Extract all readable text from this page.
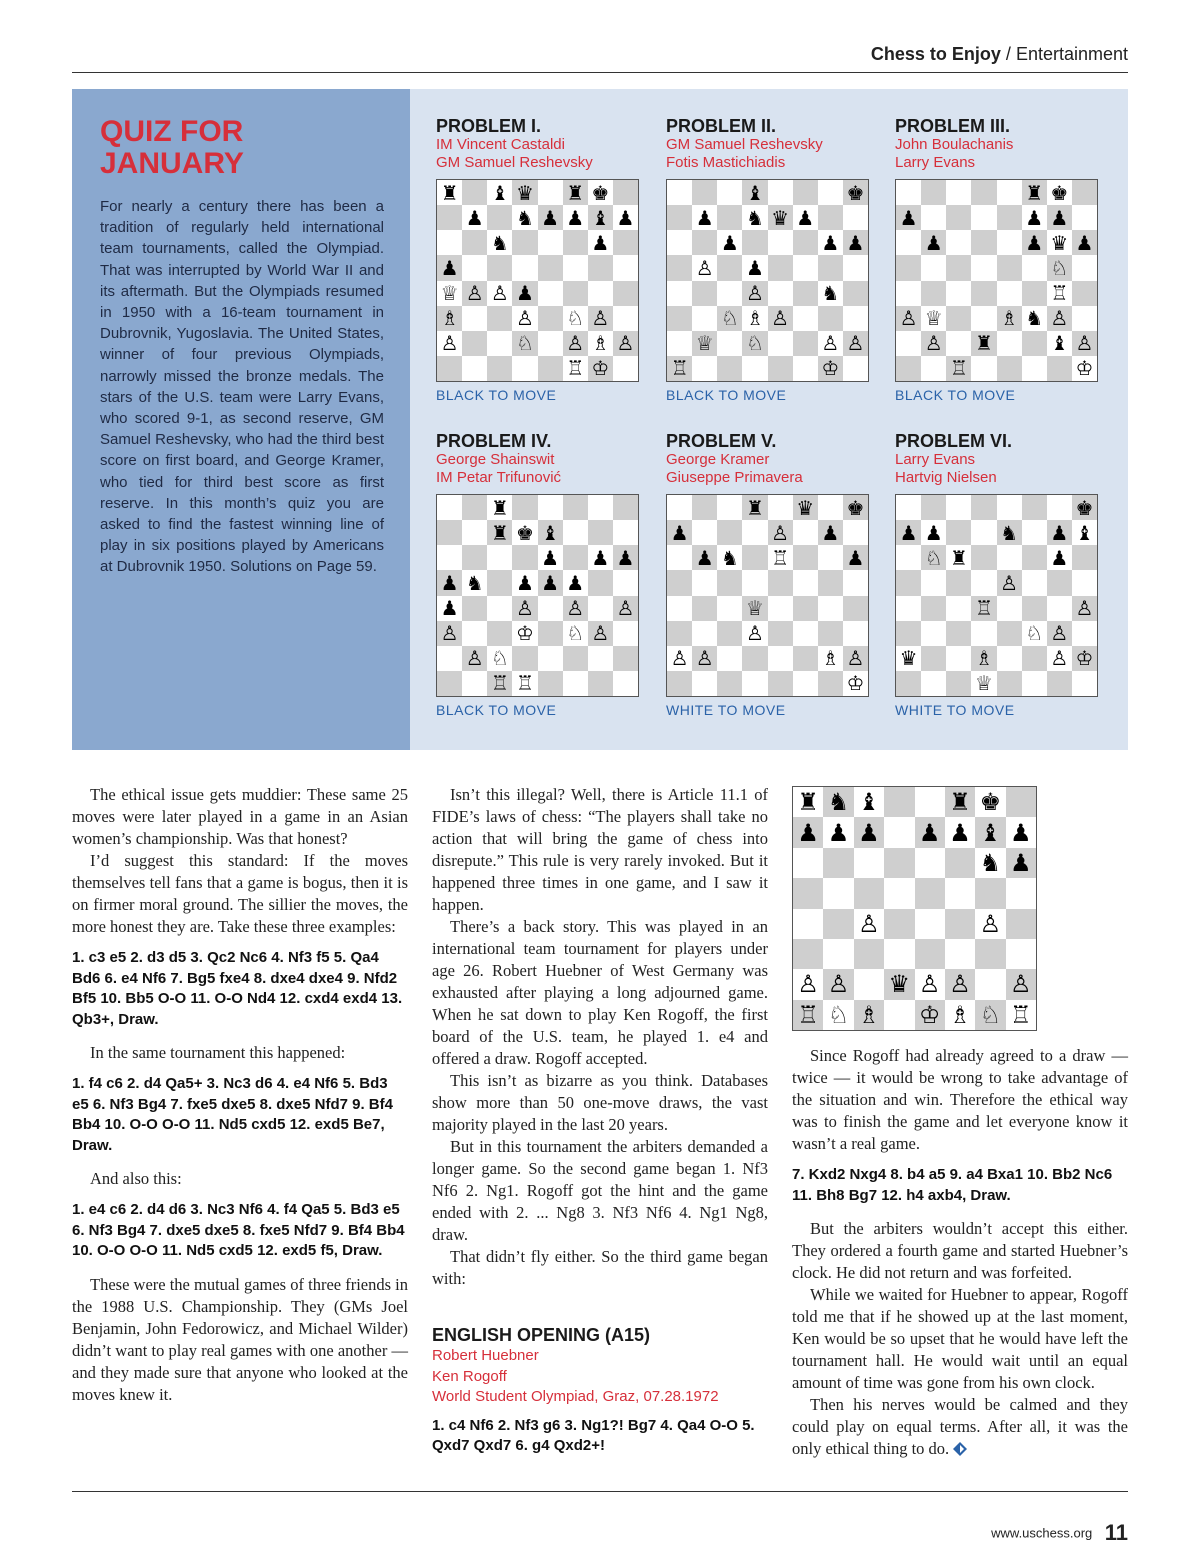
Chess to Enjoy / Entertainment
QUIZ FOR JANUARY
For nearly a century there has been a tradition of regularly held international team tournaments, called the Olympiad. That was interrupted by World War II and its aftermath. But the Olympiads resumed in 1950 with a 16-team tournament in Dubrovnik, Yugoslavia. The United States, winner of four previous Olympiads, narrowly missed the bronze medals. The stars of the U.S. team were Larry Evans, who scored 9-1, as second reserve, GM Samuel Reshevsky, who had the third best score on first board, and George Kramer, who tied for third best score as first reserve. In this month’s quiz you are asked to find the fastest winning line of play in six positions played by Americans at Dubrovnik 1950. Solutions on Page 59.
PROBLEM I.
IM Vincent Castaldi
GM Samuel Reshevsky
♜ ♝ ♛ ♜ ♚
♟ ♞ ♟ ♟ ♝ ♟
♞	♟
♟
♕ ♙ ♙ ♟
♗	♙ ♘ ♙
♙	♘ ♙ ♗ ♙
♖ ♔
BLACK TO MOVE
PROBLEM II.
GM Samuel Reshevsky
Fotis Mastichiadis
♝	♚
♟ ♞ ♛ ♟
♟	♟ ♟
♙ ♟
♙	♞
♘ ♗ ♙
♕ ♘	♙ ♙
♖	♔
BLACK TO MOVE
PROBLEM III.
John Boulachanis
Larry Evans
♜ ♚
♟	♟ ♟
♟	♟ ♛ ♟
♘
♖
♙ ♕	♗ ♞ ♙
♙ ♜	♝ ♙
♖	♔
BLACK TO MOVE
PROBLEM IV.
George Shainswit
IM Petar Trifunović
♜
♜ ♚ ♝
♟ ♟ ♟
♟ ♞ ♟ ♟ ♟
♟	♙ ♙ ♙
♙	♔ ♘ ♙
♙ ♘
♖ ♖
BLACK TO MOVE
PROBLEM V.
George Kramer
Giuseppe Primavera
♜ ♛ ♚
♟	♙ ♟
♟ ♞ ♖	♟
♕
♙
♙ ♙	♗ ♙
♔
WHITE TO MOVE
PROBLEM VI.
Larry Evans
Hartvig Nielsen
♚
♟ ♟	♞ ♟ ♝
♘ ♜	♟
♙
♖	♙
♘ ♙
♛	♗	♙ ♔
♕
WHITE TO MOVE

The ethical issue gets muddier: These same 25 moves were later played in a game in an Asian women’s championship. Was that honest?

I’d suggest this standard: If the moves themselves tell fans that a game is bogus, then it is on firmer moral ground. The sillier the moves, the more honest they are. Take these three examples:

1. c3 e5 2. d3 d5 3. Qc2 Nc6 4. Nf3 f5 5. Qa4 Bd6 6. e4 Nf6 7. Bg5 fxe4 8. dxe4 dxe4 9. Nfd2 Bf5 10. Bb5 O-O 11. O-O Nd4 12. cxd4 exd4 13. Qb3+, Draw.

In the same tournament this happened:

1. f4 c6 2. d4 Qa5+ 3. Nc3 d6 4. e4 Nf6 5. Bd3 e5 6. Nf3 Bg4 7. fxe5 dxe5 8. dxe5 Nfd7 9. Bf4 Bb4 10. O-O O-O 11. Nd5 cxd5 12. exd5 Be7, Draw.

And also this:

1. e4 c6 2. d4 d6 3. Nc3 Nf6 4. f4 Qa5 5. Bd3 e5 6. Nf3 Bg4 7. dxe5 dxe5 8. fxe5 Nfd7 9. Bf4 Bb4 10. O-O O-O 11. Nd5 cxd5 12. exd5 f5, Draw.

These were the mutual games of three friends in the 1988 U.S. Championship. They (GMs Joel Benjamin, John Fedorowicz, and Michael Wilder) didn’t want to play real games with one another — and they made sure that anyone who looked at the moves knew it.

Isn’t this illegal? Well, there is Article 11.1 of FIDE’s laws of chess: “The players shall take no action that will bring the game of chess into disrepute.” This rule is very rarely invoked. But it happened three times in one game, and I saw it happen.

There’s a back story. This was played in an international team tournament for players under age 26. Robert Huebner of West Germany was exhausted after playing a long adjourned game. When he sat down to play Ken Rogoff, the first board of the U.S. team, he played 1. e4 and offered a draw. Rogoff accepted.

This isn’t as bizarre as you think. Databases show more than 50 one-move draws, the vast majority played in the last 20 years.

But in this tournament the arbiters demanded a longer game. So the second game began 1. Nf3 Nf6 2. Ng1. Rogoff got the hint and the game ended with 2. ... Ng8 3. Nf3 Nf6 4. Ng1 Ng8, draw.

That didn’t fly either. So the third game began with:

ENGLISH OPENING (A15)
Robert Huebner
Ken Rogoff
World Student Olympiad, Graz, 07.28.1972

1. c4 Nf6 2. Nf3 g6 3. Ng1?! Bg7 4. Qa4 O-O 5. Qxd7 Qxd7 6. g4 Qxd2+!

♜ ♞ ♝	♜ ♚
♟ ♟ ♟ ♟ ♟ ♝ ♟
♞ ♟
♙	♙
♙ ♙ ♛ ♙ ♙ ♙
♖ ♘ ♗ ♔ ♗ ♘ ♖

Since Rogoff had already agreed to a draw — twice — it would be wrong to take advantage of the situation and win. Therefore the ethical way was to finish the game and let everyone know it wasn’t a real game.

7. Kxd2 Nxg4 8. b4 a5 9. a4 Bxa1 10. Bb2 Nc6 11. Bh8 Bg7 12. h4 axb4, Draw.

But the arbiters wouldn’t accept this either. They ordered a fourth game and started Huebner’s clock. He did not return and was forfeited.

While we waited for Huebner to appear, Rogoff told me that if he showed up at the last moment, Ken would be so upset that he would have left the tournament hall. He would wait until an equal amount of time was gone from his own clock.

Then his nerves would be calmed and they could play on equal terms. After all, it was the only ethical thing to do.

www.uschess.org 11
